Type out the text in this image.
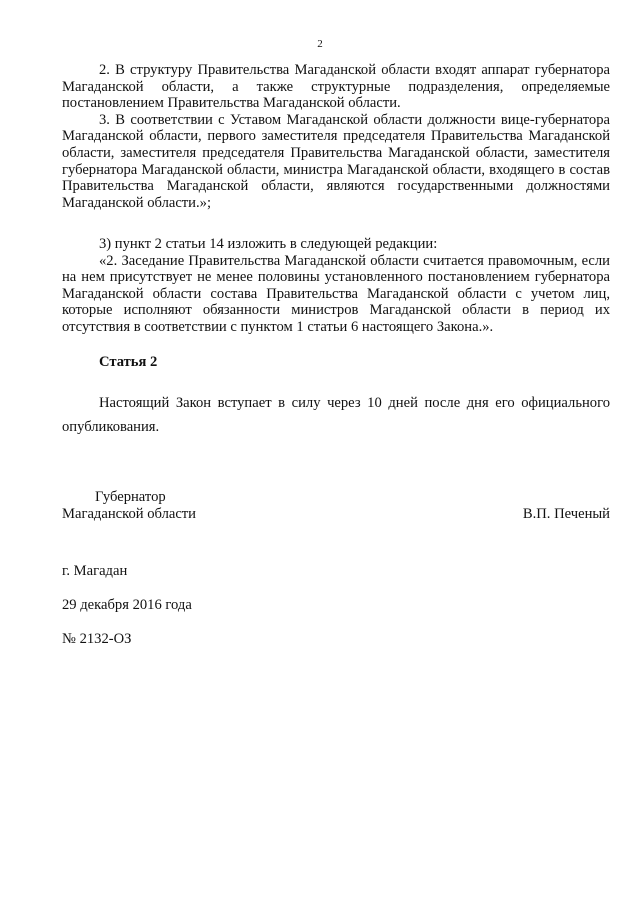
2

2. В структуру Правительства Магаданской области входят аппарат губернатора Магаданской области, а также структурные подразделения, определяемые постановлением Правительства Магаданской области.

3. В соответствии с Уставом Магаданской области должности вице-губернатора Магаданской области, первого заместителя председателя Правительства Магаданской области, заместителя председателя Правительства Магаданской области, заместителя губернатора Магаданской области, министра Магаданской области, входящего в состав Правительства Магаданской области, являются государственными должностями Магаданской области.»;

3) пункт 2 статьи 14 изложить в следующей редакции:

«2. Заседание Правительства Магаданской области считается правомочным, если на нем присутствует не менее половины установленного постановлением губернатора Магаданской области состава Правительства Магаданской области с учетом лиц, которые исполняют обязанности министров Магаданской области в период их отсутствия в соответствии с пунктом 1 статьи 6 настоящего Закона.».

Статья 2

Настоящий Закон вступает в силу через 10 дней после дня его официального опубликования.

Губернатор
Магаданской области	В.П. Печеный
г. Магадан
29 декабря 2016 года
№ 2132-ОЗ
